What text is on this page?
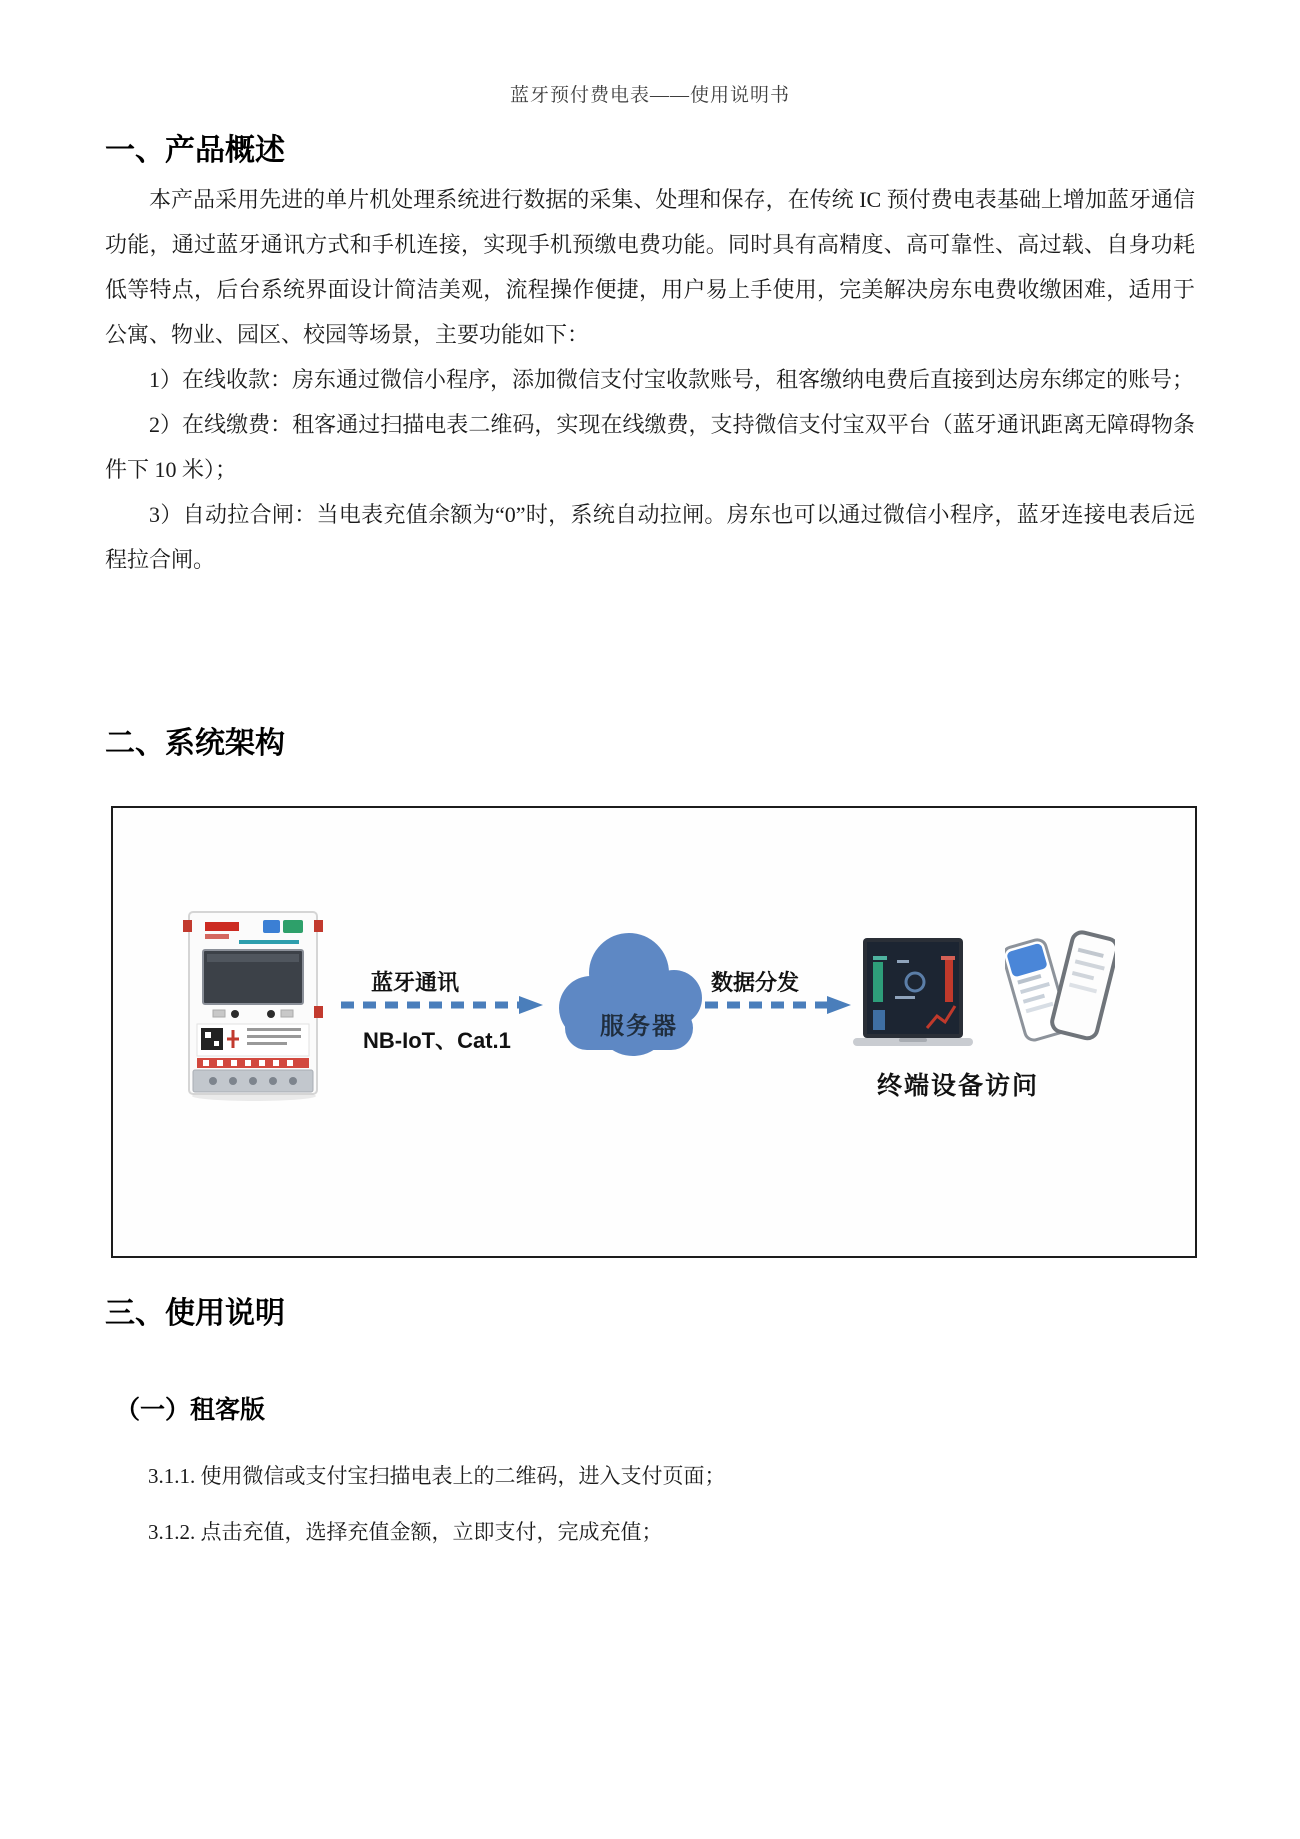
蓝牙预付费电表——使用说明书
一、产品概述

本产品采用先进的单片机处理系统进行数据的采集、处理和保存，在传统 IC 预付费电表基础上增加蓝牙通信功能，通过蓝牙通讯方式和手机连接，实现手机预缴电费功能。同时具有高精度、高可靠性、高过载、自身功耗低等特点，后台系统界面设计简洁美观，流程操作便捷，用户易上手使用，完美解决房东电费收缴困难，适用于公寓、物业、园区、校园等场景，主要功能如下：

1）在线收款：房东通过微信小程序，添加微信支付宝收款账号，租客缴纳电费后直接到达房东绑定的账号；

2）在线缴费：租客通过扫描电表二维码，实现在线缴费，支持微信支付宝双平台（蓝牙通讯距离无障碍物条件下 10 米）；

3）自动拉合闸：当电表充值余额为“0”时，系统自动拉闸。房东也可以通过微信小程序，蓝牙连接电表后远程拉合闸。

二、系统架构
蓝牙通讯
NB-IoT、Cat.1
服务器
数据分发
终端设备访问
三、使用说明
（一）租客版

3.1.1. 使用微信或支付宝扫描电表上的二维码，进入支付页面；

3.1.2. 点击充值，选择充值金额，立即支付，完成充值；
